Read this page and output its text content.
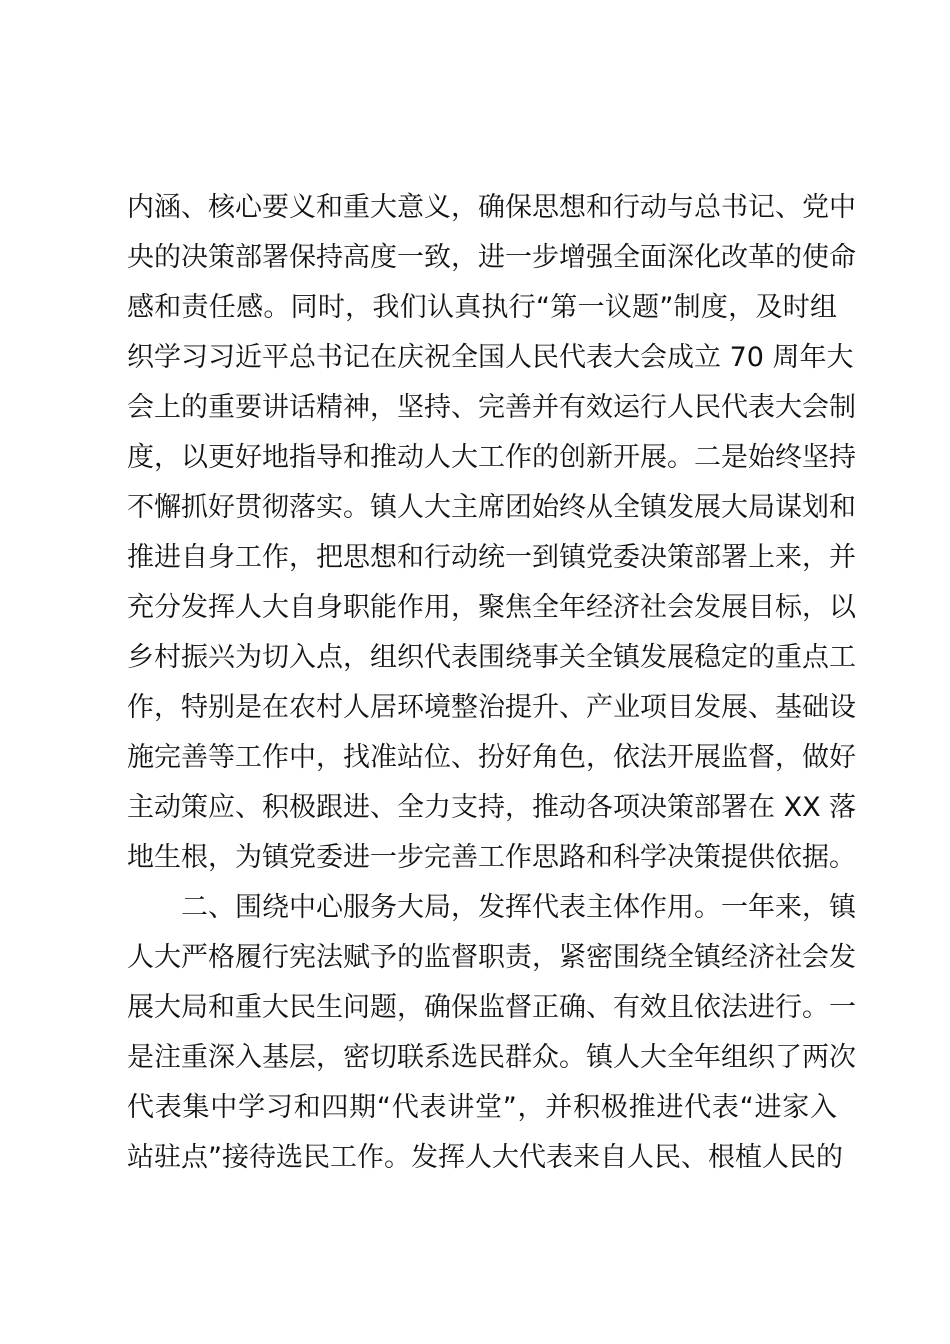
内涵、核心要义和重大意义，确保思想和行动与总书记、党中
央的决策部署保持高度一致，进一步增强全面深化改革的使命
感和责任感。同时，我们认真执行“第一议题”制度，及时组
织学习习近平总书记在庆祝全国人民代表大会成立 70 周年大
会上的重要讲话精神，坚持、完善并有效运行人民代表大会制
度，以更好地指导和推动人大工作的创新开展。二是始终坚持
不懈抓好贯彻落实。镇人大主席团始终从全镇发展大局谋划和
推进自身工作，把思想和行动统一到镇党委决策部署上来，并
充分发挥人大自身职能作用，聚焦全年经济社会发展目标，以
乡村振兴为切入点，组织代表围绕事关全镇发展稳定的重点工
作，特别是在农村人居环境整治提升、产业项目发展、基础设
施完善等工作中，找准站位、扮好角色，依法开展监督，做好
主动策应、积极跟进、全力支持，推动各项决策部署在 XX 落
地生根，为镇党委进一步完善工作思路和科学决策提供依据。
　　二、围绕中心服务大局，发挥代表主体作用。一年来，镇
人大严格履行宪法赋予的监督职责，紧密围绕全镇经济社会发
展大局和重大民生问题，确保监督正确、有效且依法进行。一
是注重深入基层，密切联系选民群众。镇人大全年组织了两次
代表集中学习和四期“代表讲堂”，并积极推进代表“进家入
站驻点”接待选民工作。发挥人大代表来自人民、根植人民的
